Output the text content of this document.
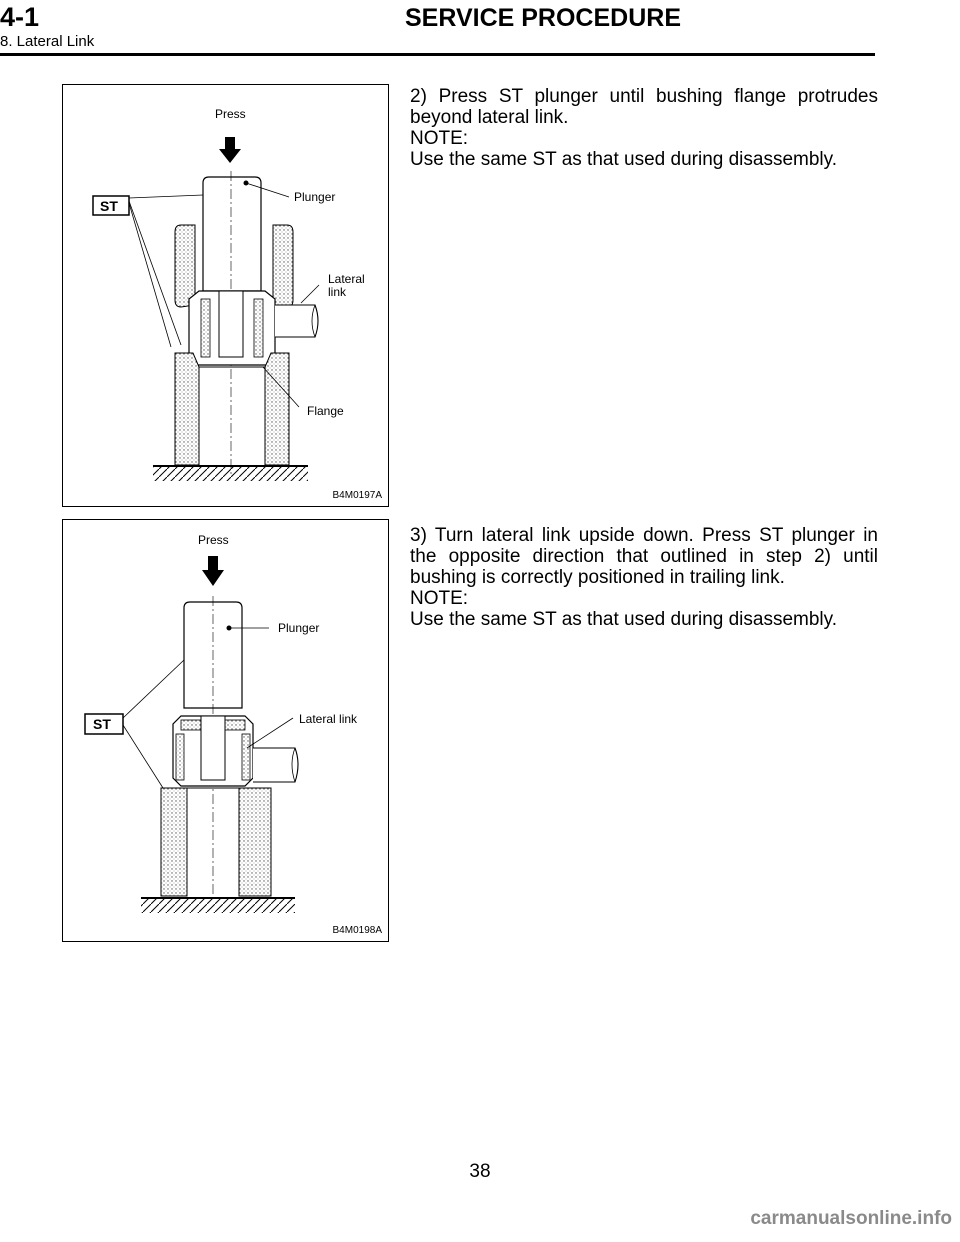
4-1	SERVICE PROCEDURE
8. Lateral Link
Press
ST
Plunger
Lateral
link
Flange
B4M0197A
Press
ST
Plunger
Lateral link
B4M0198A

2) Press ST plunger until bushing flange protrudes beyond lateral link.

NOTE:

Use the same ST as that used during disassembly.

3) Turn lateral link upside down. Press ST plunger in the opposite direction that outlined in step 2) until bushing is correctly positioned in trailing link.

NOTE:

Use the same ST as that used during disassembly.

38
carmanualsonline.info
